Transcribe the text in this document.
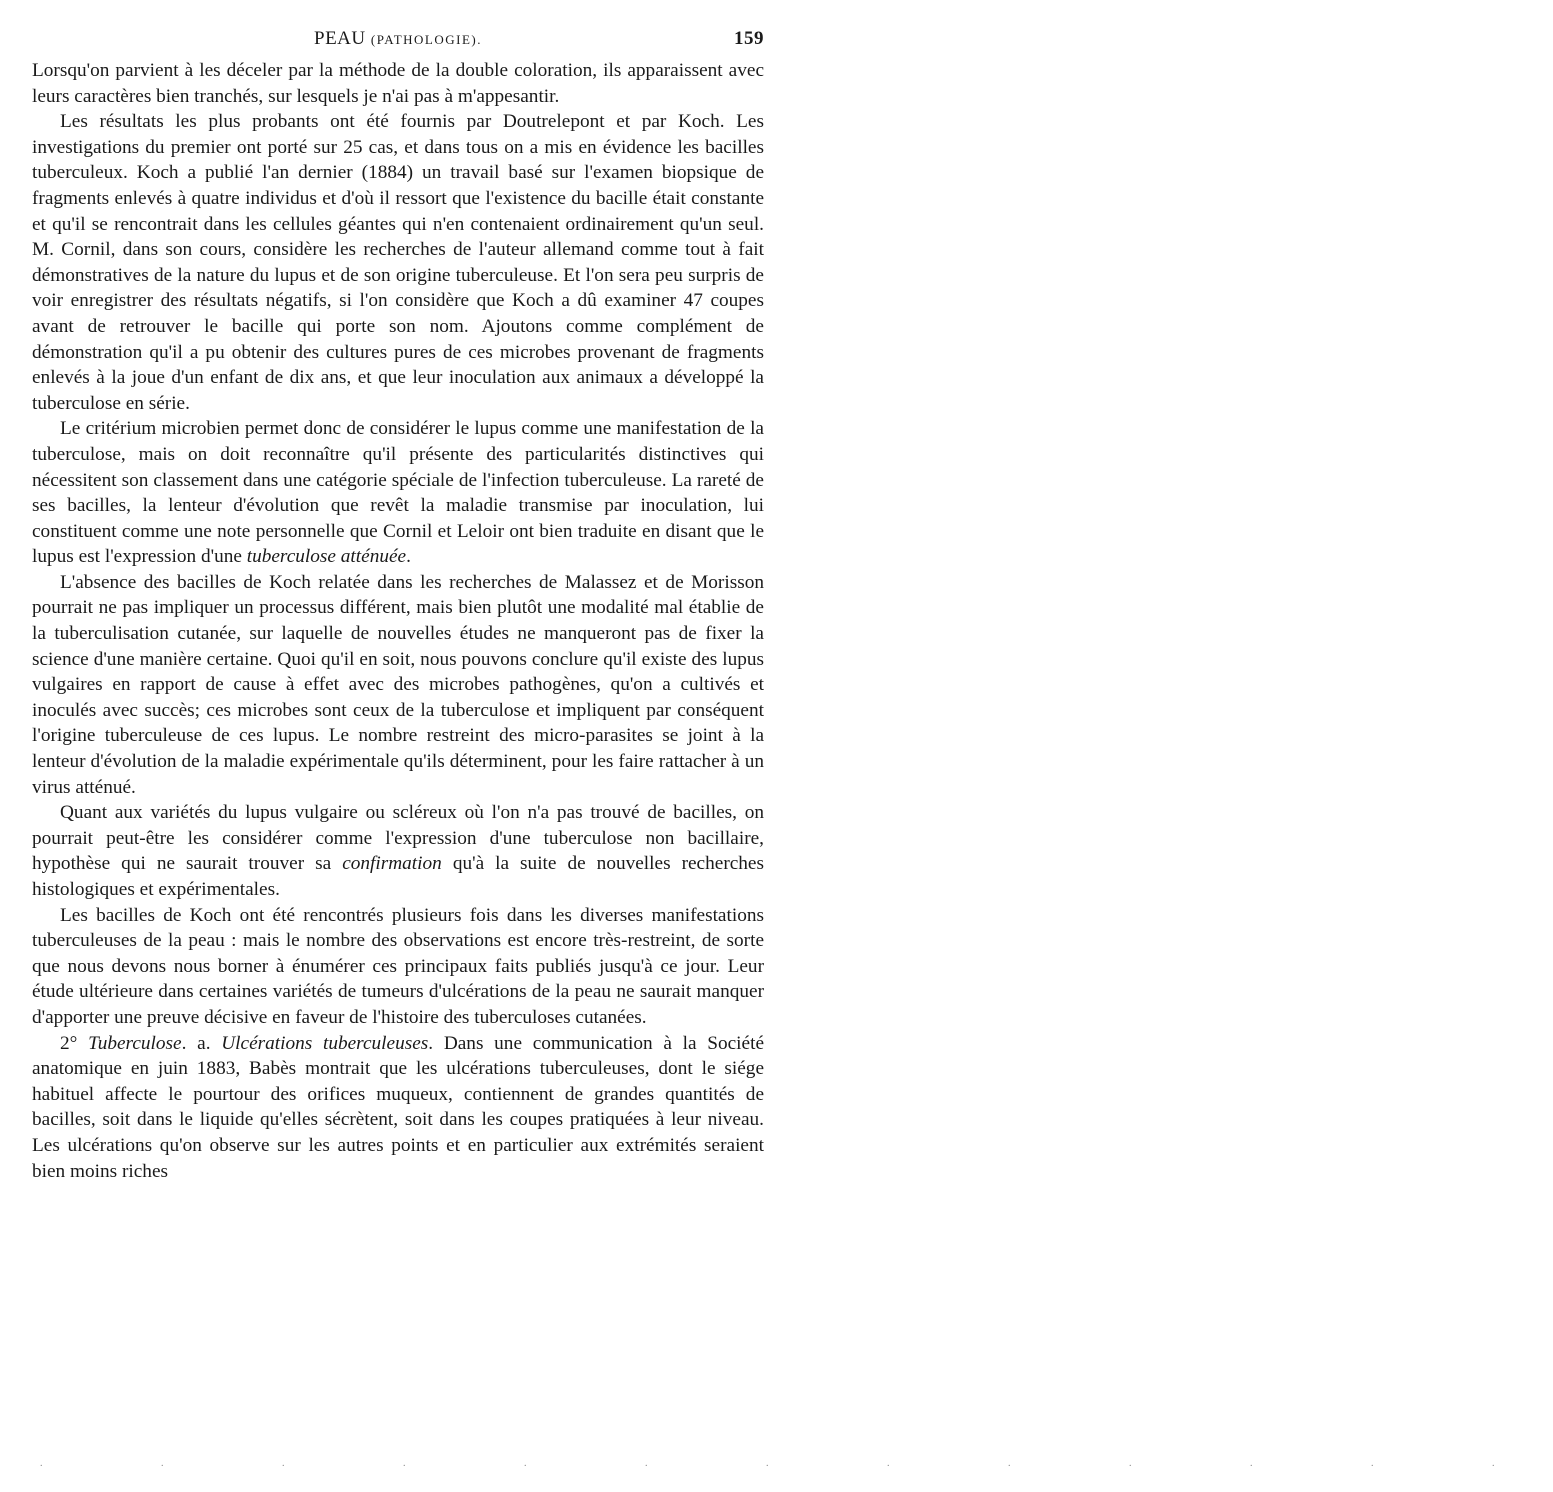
PEAU (PATHOLOGIE).	159

Lorsqu'on parvient à les déceler par la méthode de la double coloration, ils apparaissent avec leurs caractères bien tranchés, sur lesquels je n'ai pas à m'appesantir.

Les résultats les plus probants ont été fournis par Doutrelepont et par Koch. Les investigations du premier ont porté sur 25 cas, et dans tous on a mis en évidence les bacilles tuberculeux. Koch a publié l'an dernier (1884) un travail basé sur l'examen biopsique de fragments enlevés à quatre individus et d'où il ressort que l'existence du bacille était constante et qu'il se rencontrait dans les cellules géantes qui n'en contenaient ordinairement qu'un seul. M. Cornil, dans son cours, considère les recherches de l'auteur allemand comme tout à fait démonstratives de la nature du lupus et de son origine tuberculeuse. Et l'on sera peu surpris de voir enregistrer des résultats négatifs, si l'on considère que Koch a dû examiner 47 coupes avant de retrouver le bacille qui porte son nom. Ajoutons comme complément de démonstration qu'il a pu obtenir des cultures pures de ces microbes provenant de fragments enlevés à la joue d'un enfant de dix ans, et que leur inoculation aux animaux a développé la tuberculose en série.

Le critérium microbien permet donc de considérer le lupus comme une manifestation de la tuberculose, mais on doit reconnaître qu'il présente des particularités distinctives qui nécessitent son classement dans une catégorie spéciale de l'infection tuberculeuse. La rareté de ses bacilles, la lenteur d'évolution que revêt la maladie transmise par inoculation, lui constituent comme une note personnelle que Cornil et Leloir ont bien traduite en disant que le lupus est l'expression d'une tuberculose atténuée.

L'absence des bacilles de Koch relatée dans les recherches de Malassez et de Morisson pourrait ne pas impliquer un processus différent, mais bien plutôt une modalité mal établie de la tuberculisation cutanée, sur laquelle de nouvelles études ne manqueront pas de fixer la science d'une manière certaine. Quoi qu'il en soit, nous pouvons conclure qu'il existe des lupus vulgaires en rapport de cause à effet avec des microbes pathogènes, qu'on a cultivés et inoculés avec succès; ces microbes sont ceux de la tuberculose et impliquent par conséquent l'origine tuberculeuse de ces lupus. Le nombre restreint des micro-parasites se joint à la lenteur d'évolution de la maladie expérimentale qu'ils déterminent, pour les faire rattacher à un virus atténué.

Quant aux variétés du lupus vulgaire ou scléreux où l'on n'a pas trouvé de bacilles, on pourrait peut-être les considérer comme l'expression d'une tuberculose non bacillaire, hypothèse qui ne saurait trouver sa confirmation qu'à la suite de nouvelles recherches histologiques et expérimentales.

Les bacilles de Koch ont été rencontrés plusieurs fois dans les diverses manifestations tuberculeuses de la peau : mais le nombre des observations est encore très-restreint, de sorte que nous devons nous borner à énumérer ces principaux faits publiés jusqu'à ce jour. Leur étude ultérieure dans certaines variétés de tumeurs d'ulcérations de la peau ne saurait manquer d'apporter une preuve décisive en faveur de l'histoire des tuberculoses cutanées.

2° Tuberculose. a. Ulcérations tuberculeuses. Dans une communication à la Société anatomique en juin 1883, Babès montrait que les ulcérations tuberculeuses, dont le siége habituel affecte le pourtour des orifices muqueux, contiennent de grandes quantités de bacilles, soit dans le liquide qu'elles sécrètent, soit dans les coupes pratiquées à leur niveau. Les ulcérations qu'on observe sur les autres points et en particulier aux extrémités seraient bien moins riches

. . . . . . . . . . . . .
